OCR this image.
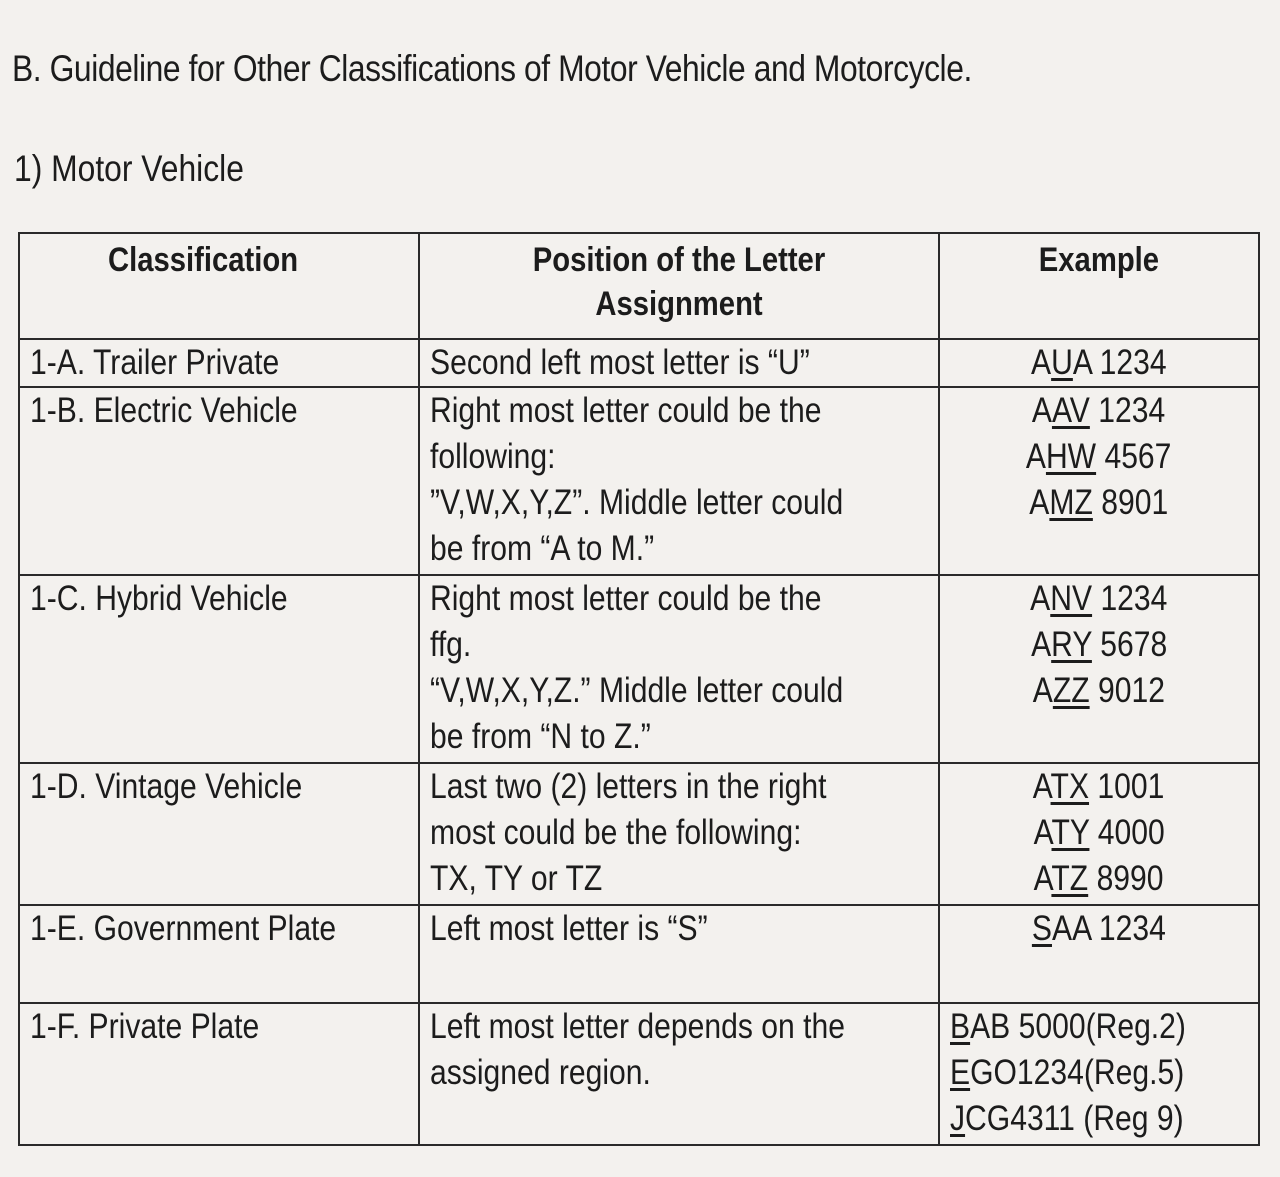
B. Guideline for Other Classifications of Motor Vehicle and Motorcycle.
1) Motor Vehicle
Classification	Position of the Letter Assignment	Example
1-A. Trailer Private	Second left most letter is “U”	AUA 1234

1-B. Electric Vehicle	Right most letter could be the
following:
”V,W,X,Y,Z”. Middle letter could
be from “A to M.”	AAV 1234
AHW 4567
AMZ 8901

1-C. Hybrid Vehicle	Right most letter could be the
ffg.
“V,W,X,Y,Z.” Middle letter could
be from “N to Z.”	ANV 1234
ARY 5678
AZZ 9012

1-D. Vintage Vehicle	Last two (2) letters in the right
most could be the following:
TX, TY or TZ	ATX 1001
ATY 4000
ATZ 8990

1-E. Government Plate	Left most letter is “S”	SAA 1234

1-F. Private Plate	Left most letter depends on the
assigned region.	BAB 5000(Reg.2)
EGO1234(Reg.5)
JCG4311 (Reg 9)
